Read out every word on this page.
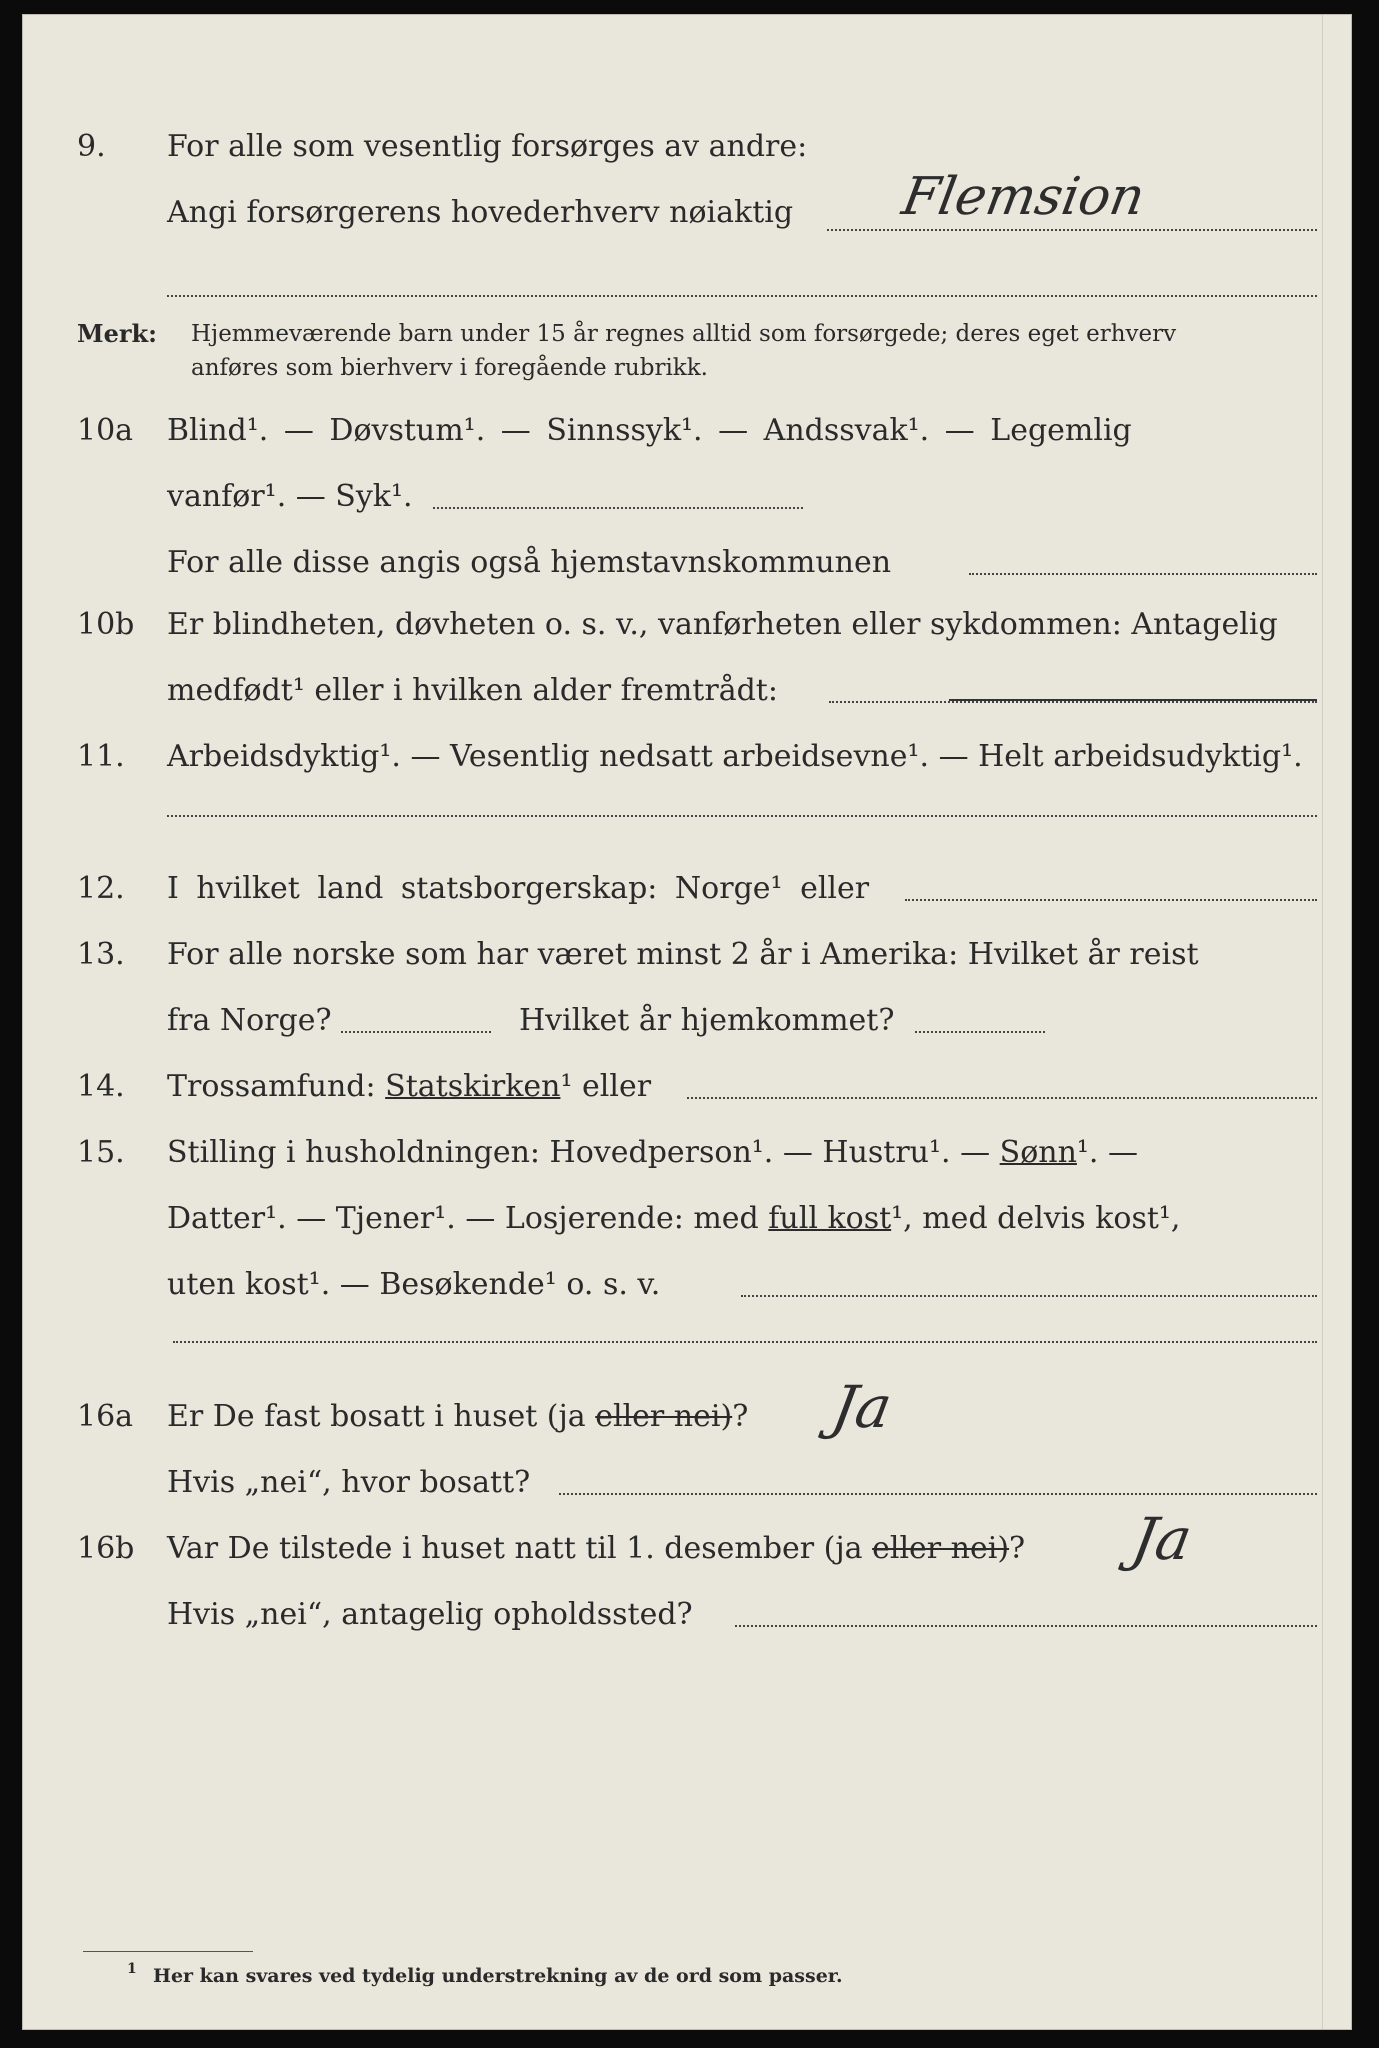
9. For alle som vesentlig forsørges av andre:
Angi forsørgerens hovederhverv nøiaktig Flemsion
Merk: Hjemmeværende barn under 15 år regnes alltid som forsørgede; deres eget erhverv
anføres som bierhverv i foregående rubrikk.
10a Blind¹. — Døvstum¹. — Sinnssyk¹. — Andssvak¹. — Legemlig
vanfør¹. — Syk¹.
For alle disse angis også hjemstavnskommunen
10b Er blindheten, døvheten o. s. v., vanførheten eller sykdommen: Antagelig
medfødt¹ eller i hvilken alder fremtrådt:
11. Arbeidsdyktig¹. — Vesentlig nedsatt arbeidsevne¹. — Helt arbeidsudyktig¹.
12. I hvilket land statsborgerskap: Norge¹ eller
13. For alle norske som har været minst 2 år i Amerika: Hvilket år reist
fra Norge?	Hvilket år hjemkommet?
14. Trossamfund: Statskirken¹ eller
15. Stilling i husholdningen: Hovedperson¹. — Hustru¹. — Sønn¹. —
Datter¹. — Tjener¹. — Losjerende: med full kost¹, med delvis kost¹,
uten kost¹. — Besøkende¹ o. s. v.
16a Er De fast bosatt i huset (ja eller nei)? Ja
Hvis „nei“, hvor bosatt?
16b Var De tilstede i huset natt til 1. desember (ja eller nei)? Ja
Hvis „nei“, antagelig opholdssted?
1 Her kan svares ved tydelig understrekning av de ord som passer.
